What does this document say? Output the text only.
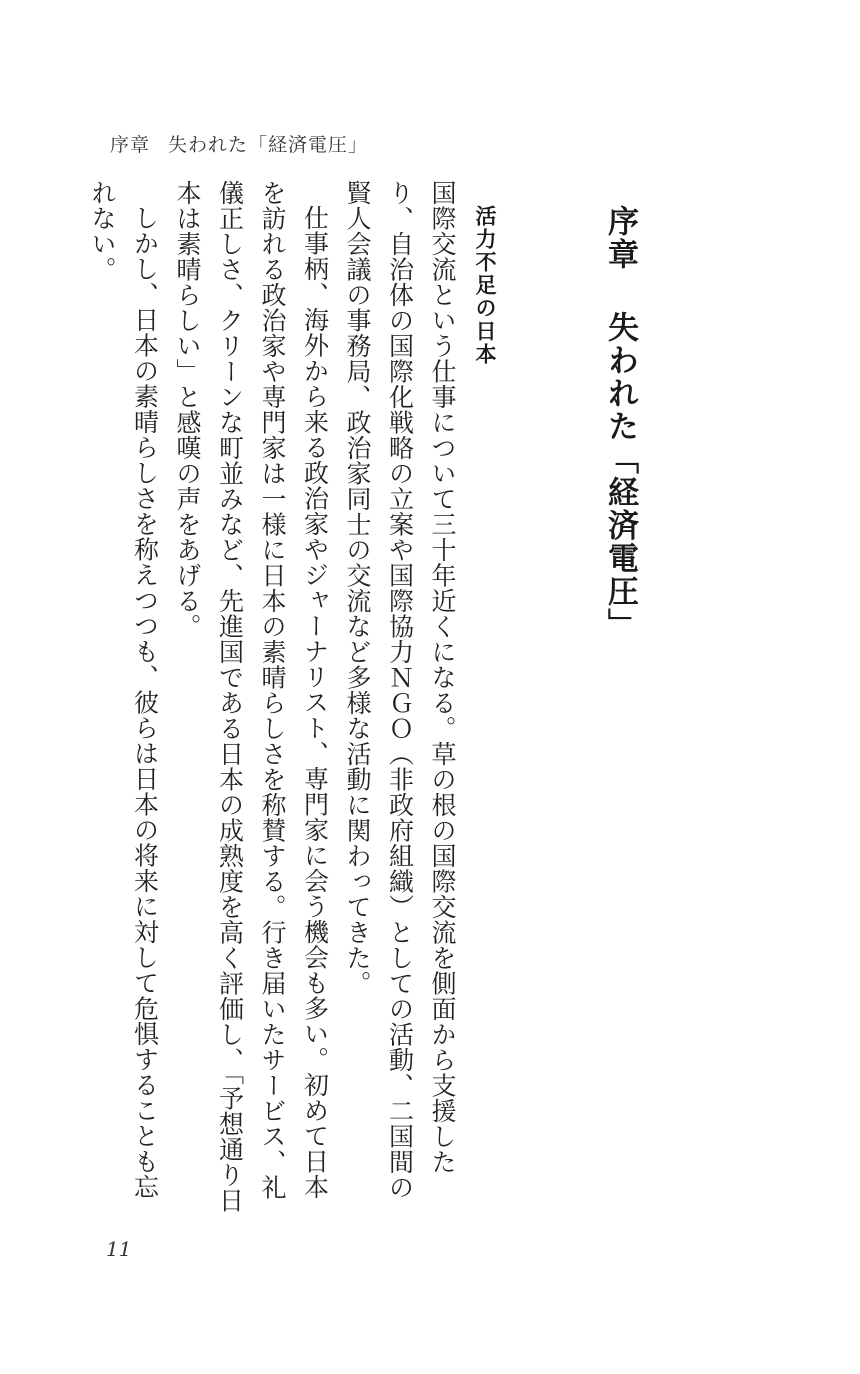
序章 失われた「経済電圧」
序章失われた「経済電圧」
活力不足の日本

国際交流という仕事について三十年近くになる。草の根の国際交流を側面から支援したり、自治体の国際化戦略の立案や国際協力ＮＧＯ（非政府組織）としての活動、二国間の賢人会議の事務局、政治家同士の交流など多様な活動に関わってきた。

仕事柄、海外から来る政治家やジャーナリスト、専門家に会う機会も多い。初めて日本を訪れる政治家や専門家は一様に日本の素晴らしさを称賛する。行き届いたサービス、礼儀正しさ、クリーンな町並みなど、先進国である日本の成熟度を高く評価し、「予想通り日本は素晴らしい」と感嘆の声をあげる。

しかし、日本の素晴らしさを称えつつも、彼らは日本の将来に対して危惧することも忘れない。

11
